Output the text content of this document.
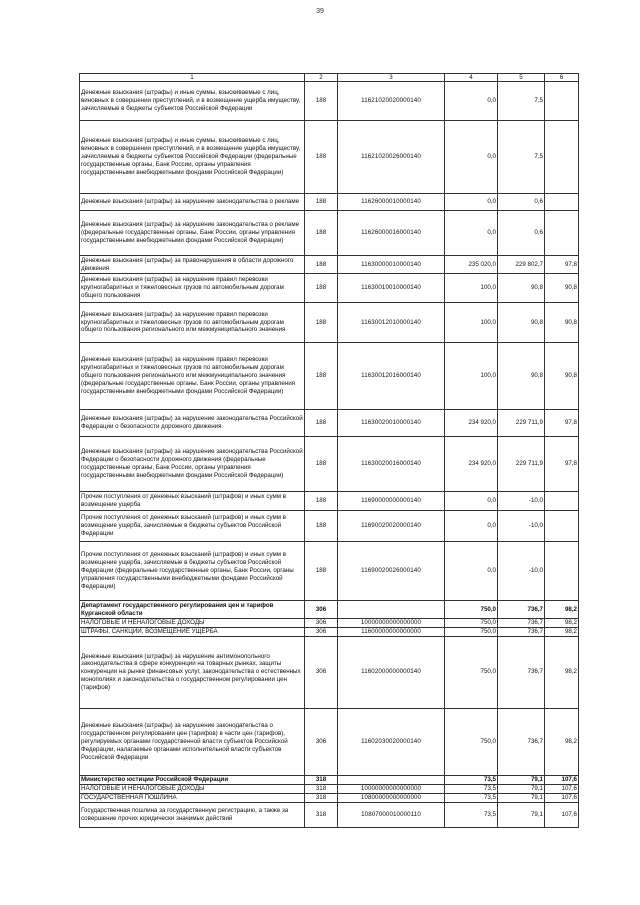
39
1	2	3	4	5	6
Денежные взыскания (штрафы) и иные суммы, взыскиваемые с лиц, виновных в совершении преступлений, и в возмещение ущерба имуществу, зачисляемые в бюджеты субъектов Российской Федерации	188	11621020020000140	0,0	7,5	
Денежные взыскания (штрафы) и иные суммы, взыскиваемые с лиц, виновных в совершении преступлений, и в возмещение ущерба имуществу, зачисляемые в бюджеты субъектов Российской Федерации (федеральные государственные органы, Банк России, органы управления государственными внебюджетными фондами Российской Федерации)	188	11621020026000140	0,0	7,5	
Денежные взыскания (штрафы) за нарушение законодательства о рекламе	188	11626000010000140	0,0	0,6	
Денежные взыскания (штрафы) за нарушение законодательства о рекламе (федеральные государственные органы, Банк России, органы управления государственными внебюджетными фондами Российской Федерации)	188	11626000016000140	0,0	0,6	
Денежные взыскания (штрафы) за правонарушения в области дорожного движения	188	11630000010000140	235 020,0	229 802,7	97,8
Денежные взыскания (штрафы) за нарушение правил перевозки крупногабаритных и тяжеловесных грузов по автомобильным дорогам общего пользования	188	11630010010000140	100,0	90,8	90,8
Денежные взыскания (штрафы) за нарушение правил перевозки крупногабаритных и тяжеловесных грузов по автомобильным дорогам общего пользования регионального или межмуниципального значения	188	11630012010000140	100,0	90,8	90,8
Денежные взыскания (штрафы) за нарушение правил перевозки крупногабаритных и тяжеловесных грузов по автомобильным дорогам общего пользования регионального или межмуниципального значения (федеральные государственные органы, Банк России, органы управления государственными внебюджетными фондами Российской Федерации)	188	11630012016000140	100,0	90,8	90,8
Денежные взыскания (штрафы) за нарушение законодательства Российской Федерации о безопасности дорожного движения	188	11630020010000140	234 920,0	229 711,9	97,8
Денежные взыскания (штрафы) за нарушение законодательства Российской Федерации о безопасности дорожного движения (федеральные государственные органы, Банк России, органы управления государственными внебюджетными фондами Российской Федерации)	188	11630020016000140	234 920,0	229 711,9	97,8
Прочие поступления от денежных взысканий (штрафов) и иных сумм в возмещение ущерба	188	11690000000000140	0,0	-10,0	
Прочие поступления от денежных взысканий (штрафов) и иных сумм в возмещение ущерба, зачисляемые в бюджеты субъектов Российской Федерации	188	11690020020000140	0,0	-10,0	
Прочие поступления от денежных взысканий (штрафов) и иных сумм в возмещение ущерба, зачисляемые в бюджеты субъектов Российской Федерации (федеральные государственные органы, Банк России, органы управления государственными внебюджетными фондами Российской Федерации)	188	11690020026000140	0,0	-10,0	
Департамент государственного регулирования цен и тарифов Курганской области	306		750,0	736,7	98,2
НАЛОГОВЫЕ И НЕНАЛОГОВЫЕ ДОХОДЫ	306	10000000000000000	750,0	736,7	98,2
ШТРАФЫ, САНКЦИИ, ВОЗМЕЩЕНИЕ УЩЕРБА	306	11600000000000000	750,0	736,7	98,2
Денежные взыскания (штрафы) за нарушение антимонопольного законодательства в сфере конкуренции на товарных рынках, защиты конкуренции на рынке финансовых услуг, законодательства о естественных монополиях и законодательства о государственном регулировании цен (тарифов)	306	11602000000000140	750,0	736,7	98,2
Денежные взыскания (штрафы) за нарушение законодательства о государственном регулировании цен (тарифов) в части цен (тарифов), регулируемых органами государственной власти субъектов Российской Федерации, налагаемые органами исполнительной власти субъектов Российской Федерации	306	11602030020000140	750,0	736,7	98,2
Министерство юстиции Российской Федерации	318		73,5	79,1	107,6
НАЛОГОВЫЕ И НЕНАЛОГОВЫЕ ДОХОДЫ	318	10000000000000000	73,5	79,1	107,6
ГОСУДАРСТВЕННАЯ ПОШЛИНА	318	10800000000000000	73,5	79,1	107,6
Государственная пошлина за государственную регистрацию, а также за совершение прочих юридически значимых действий	318	10807000010000110	73,5	79,1	107,6
